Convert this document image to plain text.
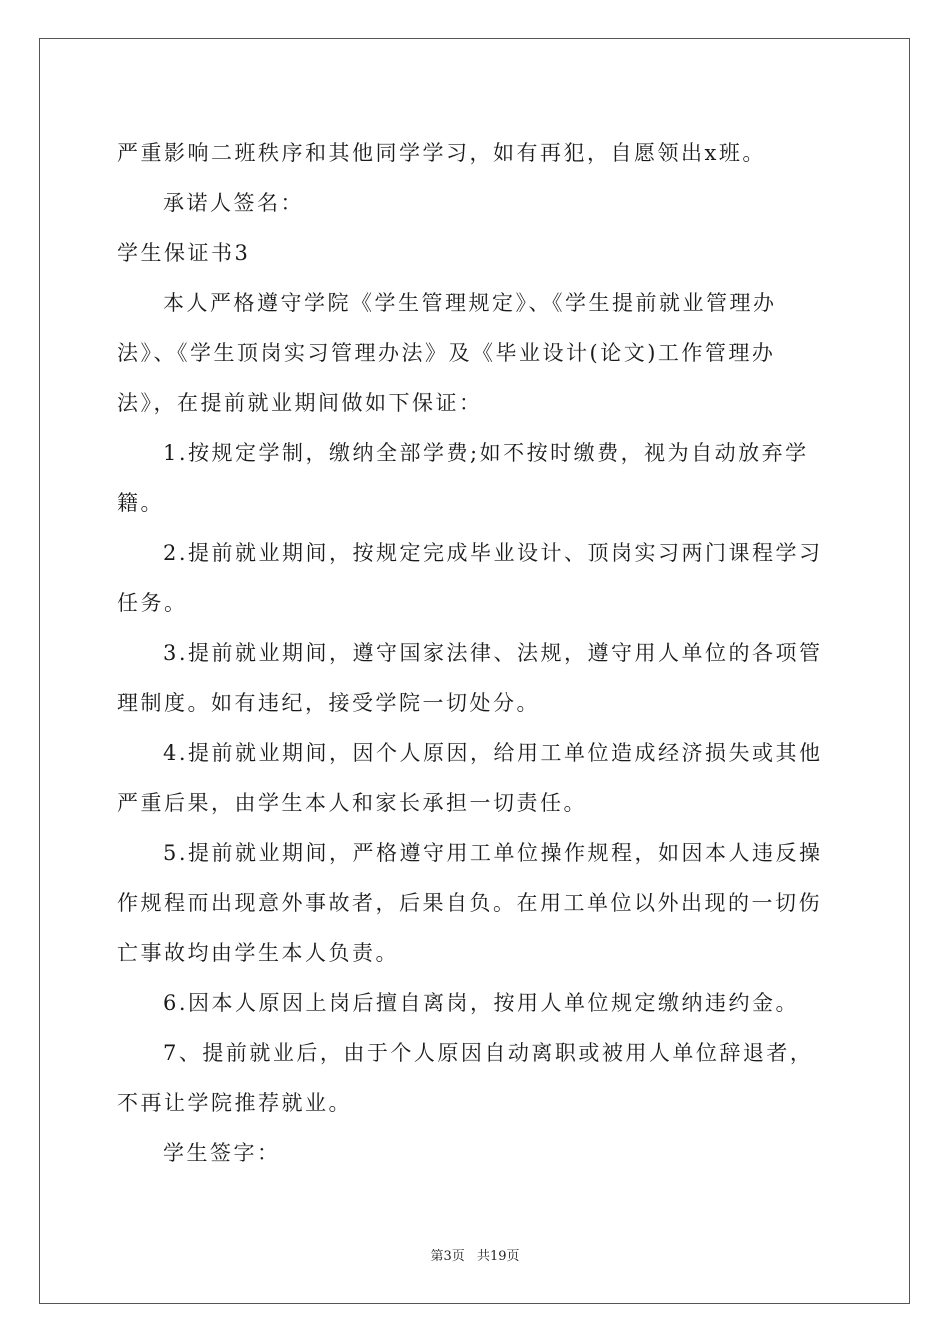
严重影响二班秩序和其他同学学习，如有再犯，自愿领出x班。
承诺人签名：
学生保证书3
本人严格遵守学院《学生管理规定》、《学生提前就业管理办
法》、《学生顶岗实习管理办法》及《毕业设计(论文)工作管理办
法》，在提前就业期间做如下保证：
1.按规定学制，缴纳全部学费;如不按时缴费，视为自动放弃学
籍。
2.提前就业期间，按规定完成毕业设计、顶岗实习两门课程学习
任务。
3.提前就业期间，遵守国家法律、法规，遵守用人单位的各项管
理制度。如有违纪，接受学院一切处分。
4.提前就业期间，因个人原因，给用工单位造成经济损失或其他
严重后果，由学生本人和家长承担一切责任。
5.提前就业期间，严格遵守用工单位操作规程，如因本人违反操
作规程而出现意外事故者，后果自负。在用工单位以外出现的一切伤
亡事故均由学生本人负责。
6.因本人原因上岗后擅自离岗，按用人单位规定缴纳违约金。
7、提前就业后，由于个人原因自动离职或被用人单位辞退者，
不再让学院推荐就业。
学生签字：
第3页 共19页
